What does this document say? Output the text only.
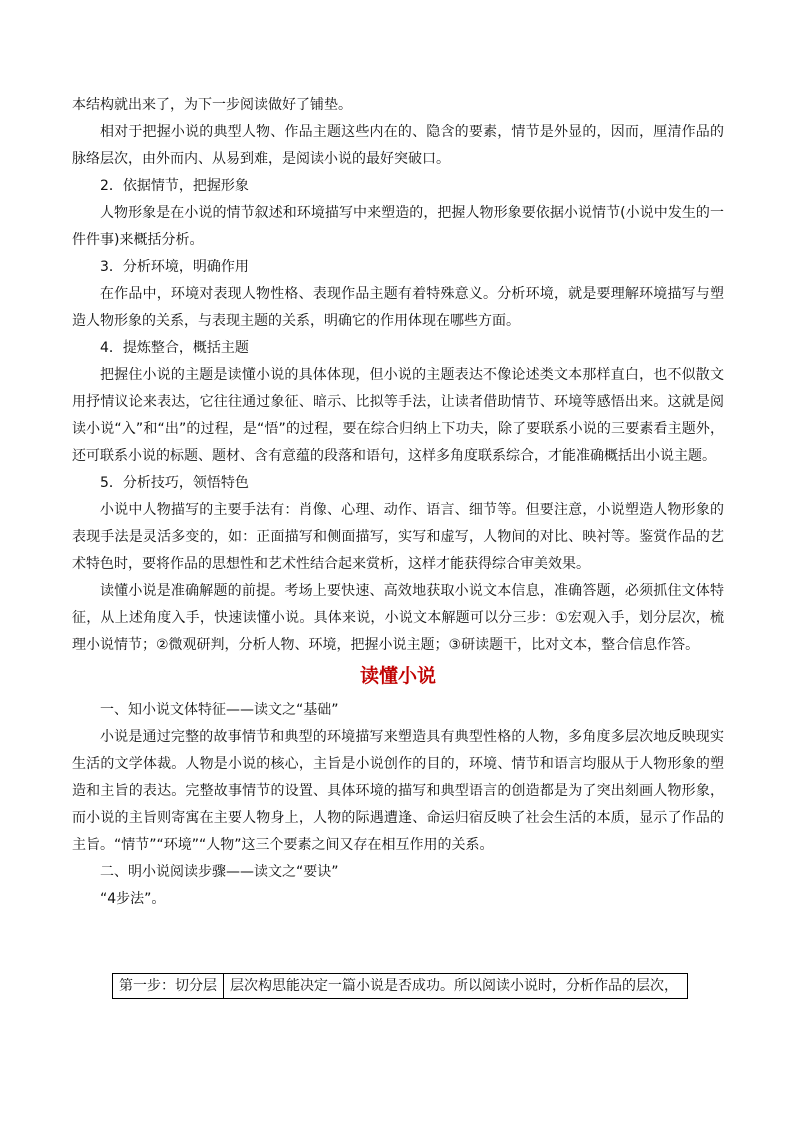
本结构就出来了，为下一步阅读做好了铺垫。

相对于把握小说的典型人物、作品主题这些内在的、隐含的要素，情节是外显的，因而，厘清作品的脉络层次，由外而内、从易到难，是阅读小说的最好突破口。

2．依据情节，把握形象

人物形象是在小说的情节叙述和环境描写中来塑造的，把握人物形象要依据小说情节(小说中发生的一件件事)来概括分析。

3．分析环境，明确作用

在作品中，环境对表现人物性格、表现作品主题有着特殊意义。分析环境，就是要理解环境描写与塑造人物形象的关系，与表现主题的关系，明确它的作用体现在哪些方面。

4．提炼整合，概括主题

把握住小说的主题是读懂小说的具体体现，但小说的主题表达不像论述类文本那样直白，也不似散文用抒情议论来表达，它往往通过象征、暗示、比拟等手法，让读者借助情节、环境等感悟出来。这就是阅读小说“入”和“出”的过程，是“悟”的过程，要在综合归纳上下功夫，除了要联系小说的三要素看主题外，还可联系小说的标题、题材、含有意蕴的段落和语句，这样多角度联系综合，才能准确概括出小说主题。

5．分析技巧，领悟特色

小说中人物描写的主要手法有：肖像、心理、动作、语言、细节等。但要注意，小说塑造人物形象的表现手法是灵活多变的，如：正面描写和侧面描写，实写和虚写，人物间的对比、映衬等。鉴赏作品的艺术特色时，要将作品的思想性和艺术性结合起来赏析，这样才能获得综合审美效果。

读懂小说是准确解题的前提。考场上要快速、高效地获取小说文本信息，准确答题，必须抓住文体特征，从上述角度入手，快速读懂小说。具体来说，小说文本解题可以分三步：①宏观入手，划分层次，梳理小说情节；②微观研判，分析人物、环境，把握小说主题；③研读题干，比对文本，整合信息作答。

读懂小说

一、知小说文体特征——读文之“基础”

小说是通过完整的故事情节和典型的环境描写来塑造具有典型性格的人物，多角度多层次地反映现实生活的文学体裁。人物是小说的核心，主旨是小说创作的目的，环境、情节和语言均服从于人物形象的塑造和主旨的表达。完整故事情节的设置、具体环境的描写和典型语言的创造都是为了突出刻画人物形象，而小说的主旨则寄寓在主要人物身上，人物的际遇遭逢、命运归宿反映了社会生活的本质，显示了作品的主旨。“情节”“环境”“人物”这三个要素之间又存在相互作用的关系。

二、明小说阅读步骤——读文之“要诀”

“4步法”。

第一步：切分层	层次构思能决定一篇小说是否成功。所以阅读小说时，分析作品的层次，
